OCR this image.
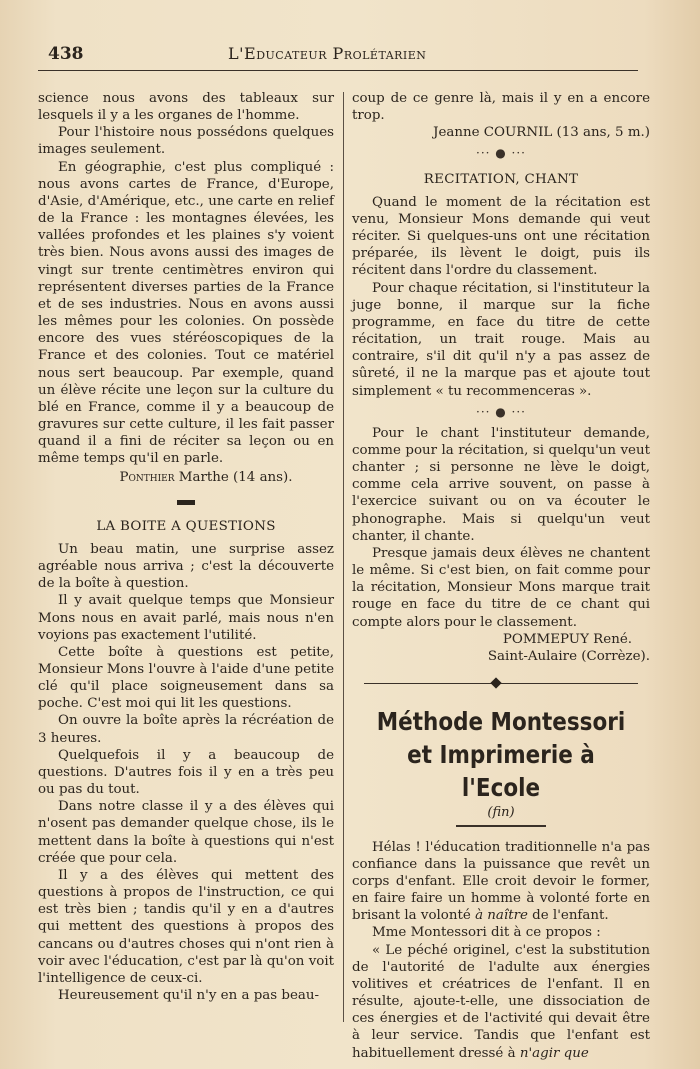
438	L'Educateur Prolétarien

science nous avons des tableaux sur lesquels il y a les organes de l'homme.

Pour l'histoire nous possédons quelques images seulement.

En géographie, c'est plus compliqué : nous avons cartes de France, d'Europe, d'Asie, d'Amérique, etc., une carte en relief de la France : les montagnes élevées, les vallées profondes et les plaines s'y voient très bien. Nous avons aussi des images de vingt sur trente centimètres environ qui représentent diverses parties de la France et de ses industries. Nous en avons aussi les mêmes pour les colonies. On possède encore des vues stéréoscopiques de la France et des colonies. Tout ce matériel nous sert beaucoup. Par exemple, quand un élève récite une leçon sur la culture du blé en France, comme il y a beaucoup de gravures sur cette culture, il les fait passer quand il a fini de réciter sa leçon ou en même temps qu'il en parle.

Ponthier Marthe (14 ans).

LA BOITE A QUESTIONS

Un beau matin, une surprise assez agréable nous arriva ; c'est la découverte de la boîte à question.

Il y avait quelque temps que Monsieur Mons nous en avait parlé, mais nous n'en voyions pas exactement l'utilité.

Cette boîte à questions est petite, Monsieur Mons l'ouvre à l'aide d'une petite clé qu'il place soigneusement dans sa poche. C'est moi qui lit les questions.

On ouvre la boîte après la récréation de 3 heures.

Quelquefois il y a beaucoup de questions. D'autres fois il y en a très peu ou pas du tout.

Dans notre classe il y a des élèves qui n'osent pas demander quelque chose, ils le mettent dans la boîte à questions qui n'est créée que pour cela.

Il y a des élèves qui mettent des questions à propos de l'instruction, ce qui est très bien ; tandis qu'il y en a d'autres qui mettent des questions à propos des cancans ou d'autres choses qui n'ont rien à voir avec l'éducation, c'est par là qu'on voit l'intelligence de ceux-ci.

Heureusement qu'il n'y en a pas beau-

coup de ce genre là, mais il y en a encore trop.

Jeanne COURNIL (13 ans, 5 m.)

··· ● ···

RECITATION, CHANT

Quand le moment de la récitation est venu, Monsieur Mons demande qui veut réciter. Si quelques-uns ont une récitation préparée, ils lèvent le doigt, puis ils récitent dans l'ordre du classement.

Pour chaque récitation, si l'instituteur la juge bonne, il marque sur la fiche programme, en face du titre de cette récitation, un trait rouge. Mais au contraire, s'il dit qu'il n'y a pas assez de sûreté, il ne la marque pas et ajoute tout simplement « tu recommenceras ».

··· ● ···

Pour le chant l'instituteur demande, comme pour la récitation, si quelqu'un veut chanter ; si personne ne lève le doigt, comme cela arrive souvent, on passe à l'exercice suivant ou on va écouter le phonographe. Mais si quelqu'un veut chanter, il chante.

Presque jamais deux élèves ne chantent le même. Si c'est bien, on fait comme pour la récitation, Monsieur Mons marque trait rouge en face du titre de ce chant qui compte alors pour le classement.

POMMEPUY René.

Saint-Aulaire (Corrèze).

Méthode Montessori

et Imprimerie à l'Ecole

(fin)

Hélas ! l'éducation traditionnelle n'a pas confiance dans la puissance que revêt un corps d'enfant. Elle croit devoir le former, en faire faire un homme à volonté forte en brisant la volonté à naître de l'enfant.

Mme Montessori dit à ce propos :

« Le péché originel, c'est la substitution de l'autorité de l'adulte aux énergies volitives et créatrices de l'enfant. Il en résulte, ajoute-t-elle, une dissociation de ces énergies et de l'activité qui devait être à leur service. Tandis que l'enfant est habituellement dressé à n'agir que
